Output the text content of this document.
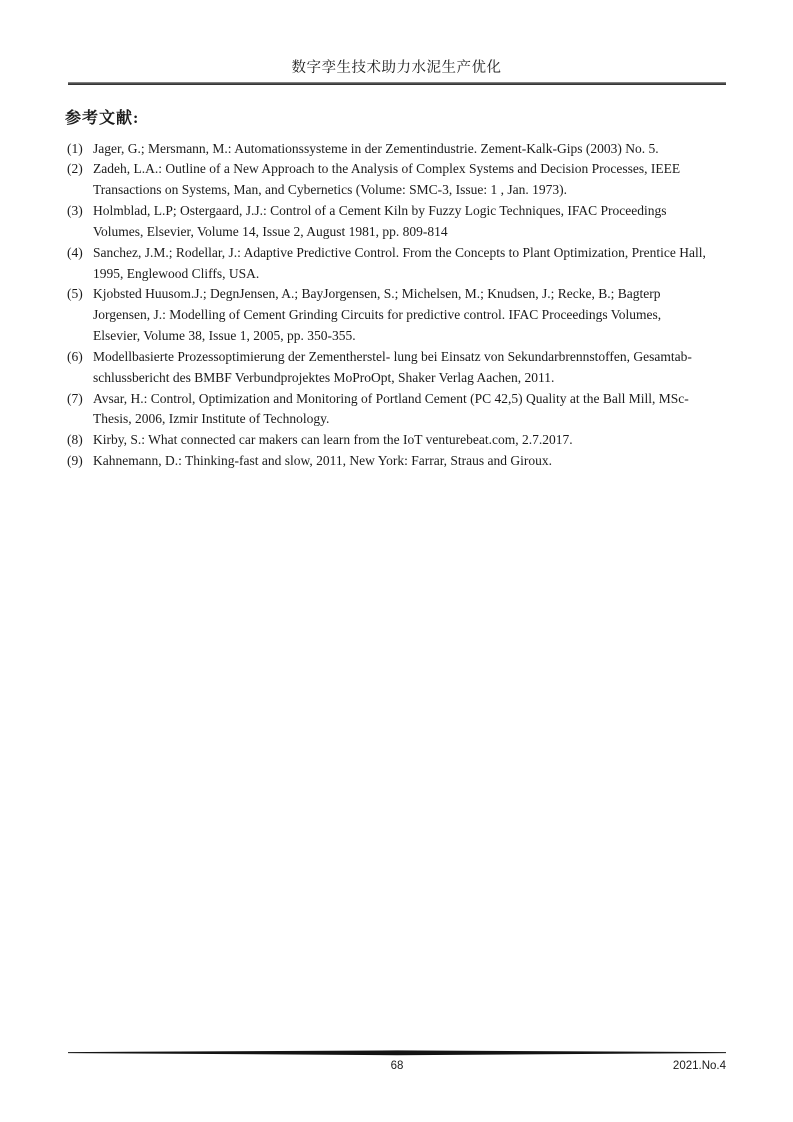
数字孪生技术助力水泥生产优化
参考文献:
(1) Jager, G.; Mersmann, M.: Automationssysteme in der Zementindustrie. Zement-Kalk-Gips (2003) No. 5.
(2) Zadeh, L.A.: Outline of a New Approach to the Analysis of Complex Systems and Decision Processes, IEEE
Transactions on Systems, Man, and Cybernetics (Volume: SMC-3, Issue: 1 , Jan. 1973).
(3) Holmblad, L.P; Ostergaard, J.J.: Control of a Cement Kiln by Fuzzy Logic Techniques, IFAC Proceedings
Volumes, Elsevier, Volume 14, Issue 2, August 1981, pp. 809-814
(4) Sanchez, J.M.; Rodellar, J.: Adaptive Predictive Control. From the Concepts to Plant Optimization, Prentice Hall,
1995, Englewood Cliffs, USA.
(5) Kjobsted Huusom.J.; DegnJensen, A.; BayJorgensen, S.; Michelsen, M.; Knudsen, J.; Recke, B.; Bagterp
Jorgensen, J.: Modelling of Cement Grinding Circuits for predictive control. IFAC Proceedings Volumes,
Elsevier, Volume 38, Issue 1, 2005, pp. 350-355.
(6) Modellbasierte Prozessoptimierung der Zementherstel- lung bei Einsatz von Sekundarbrennstoffen, Gesamtab-
schlussbericht des BMBF Verbundprojektes MoProOpt, Shaker Verlag Aachen, 2011.
(7) Avsar, H.: Control, Optimization and Monitoring of Portland Cement (PC 42,5) Quality at the Ball Mill, MSc-
Thesis, 2006, Izmir Institute of Technology.
(8) Kirby, S.: What connected car makers can learn from the IoT venturebeat.com, 2.7.2017.
(9) Kahnemann, D.: Thinking-fast and slow, 2011, New York: Farrar, Straus and Giroux.
68	2021.No.4
